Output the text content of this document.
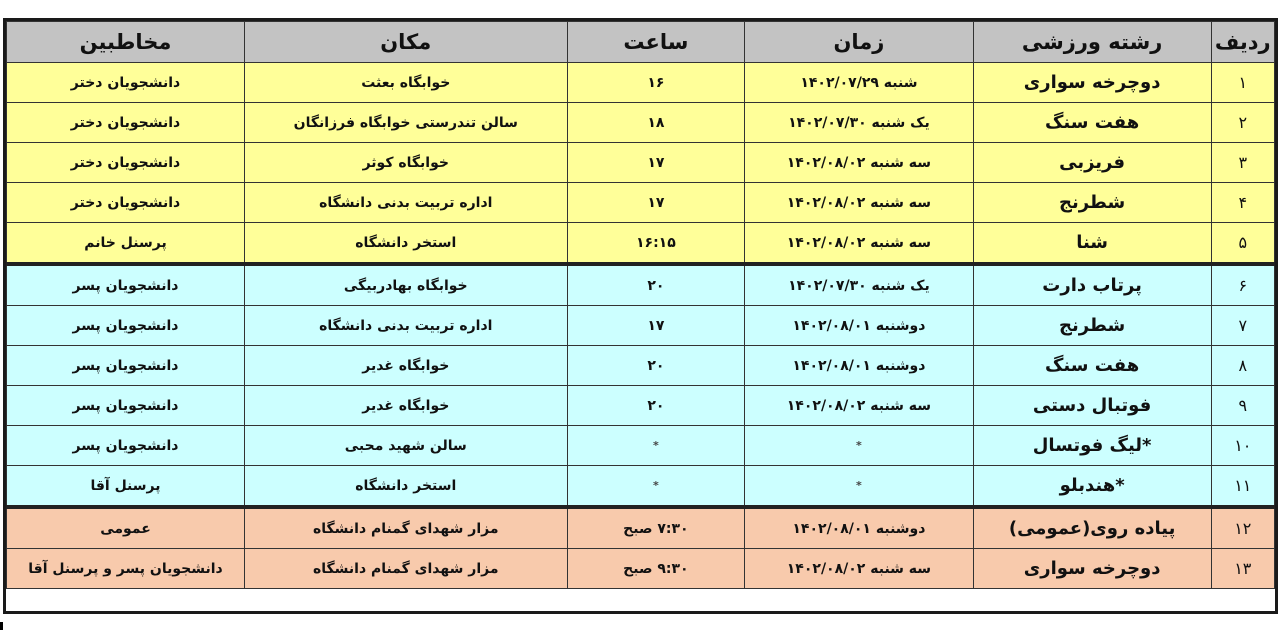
ردیف	رشته ورزشی	زمان	ساعت	مکان	مخاطبین
۱	دوچرخه سواری	شنبه ۱۴۰۲/۰۷/۲۹	۱۶	خوابگاه بعثت	دانشجویان دختر
۲	هفت سنگ	یک شنبه ۱۴۰۲/۰۷/۳۰	۱۸	سالن تندرستی خوابگاه فرزانگان	دانشجویان دختر
۳	فریزبی	سه شنبه ۱۴۰۲/۰۸/۰۲	۱۷	خوابگاه کوثر	دانشجویان دختر
۴	شطرنج	سه شنبه ۱۴۰۲/۰۸/۰۲	۱۷	اداره تربیت بدنی دانشگاه	دانشجویان دختر
۵	شنا	سه شنبه ۱۴۰۲/۰۸/۰۲	۱۶:۱۵	استخر دانشگاه	پرسنل خانم
۶	پرتاب دارت	یک شنبه ۱۴۰۲/۰۷/۳۰	۲۰	خوابگاه بهادربیگی	دانشجویان پسر
۷	شطرنج	دوشنبه ۱۴۰۲/۰۸/۰۱	۱۷	اداره تربیت بدنی دانشگاه	دانشجویان پسر
۸	هفت سنگ	دوشنبه ۱۴۰۲/۰۸/۰۱	۲۰	خوابگاه غدیر	دانشجویان پسر
۹	فوتبال دستی	سه شنبه ۱۴۰۲/۰۸/۰۲	۲۰	خوابگاه غدیر	دانشجویان پسر
۱۰	*لیگ فوتسال	*	*	سالن شهید محبی	دانشجویان پسر
۱۱	*هندبلو	*	*	استخر دانشگاه	پرسنل آقا
۱۲	پیاده روی(عمومی)	دوشنبه ۱۴۰۲/۰۸/۰۱	۷:۳۰ صبح	مزار شهدای گمنام دانشگاه	عمومی
۱۳	دوچرخه سواری	سه شنبه ۱۴۰۲/۰۸/۰۲	۹:۳۰ صبح	مزار شهدای گمنام دانشگاه	دانشجویان پسر و پرسنل آقا
